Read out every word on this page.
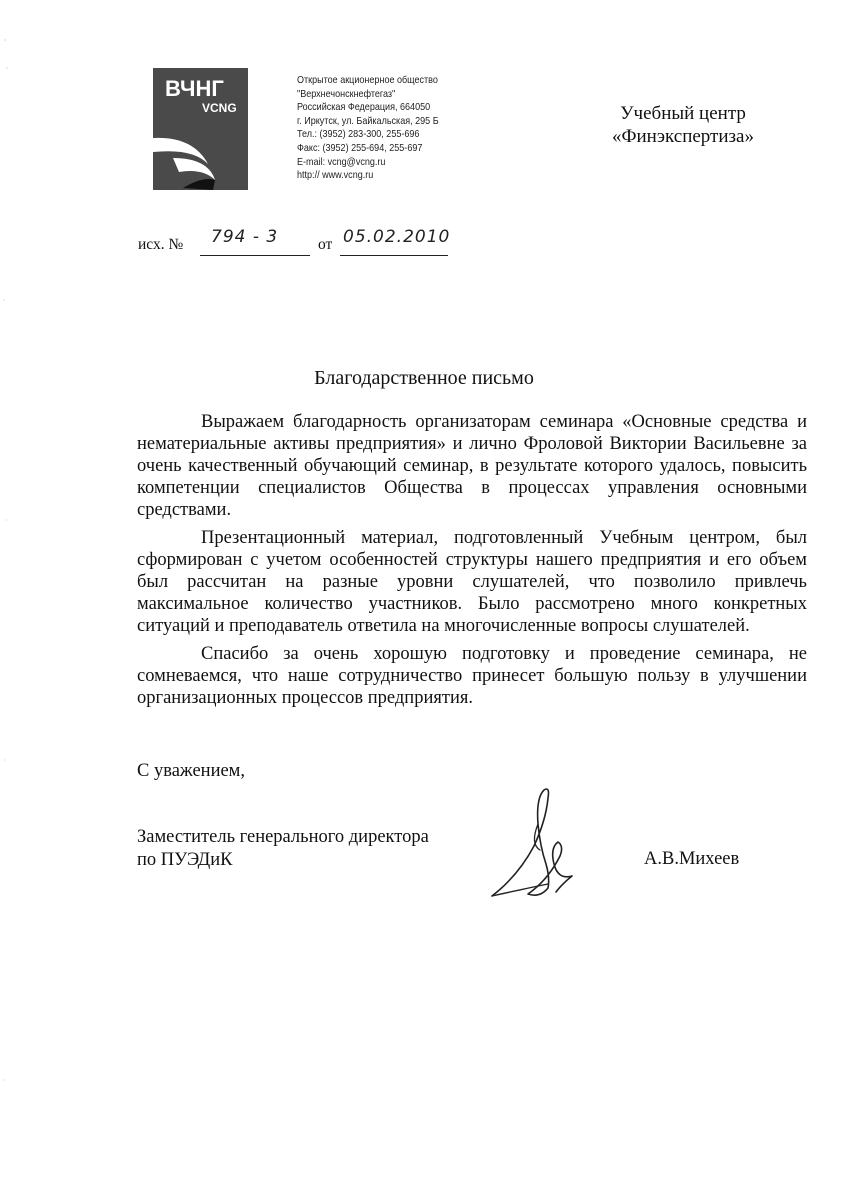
ВЧНГ
VCNG
Открытое акционерное общество
"Верхнечонскнефтегаз"
Российская Федерация, 664050
г. Иркутск, ул. Байкальская, 295 Б
Тел.: (3952) 283-300, 255-696
Факс: (3952) 255-694, 255-697
E-mail: vcng@vcng.ru
http:// www.vcng.ru
Учебный центр
«Финэкспертиза»
исх. № 794 - 3	от 05.02.2010
Благодарственное письмо
Выражаем благодарность организаторам семинара «Основные средства и нематериальные активы предприятия» и лично Фроловой Виктории Васильевне за очень качественный обучающий семинар, в результате которого удалось, повысить компетенции специалистов Общества в процессах управления основными средствами.
Презентационный материал, подготовленный Учебным центром, был сформирован с учетом особенностей структуры нашего предприятия и его объем был рассчитан на разные уровни слушателей, что позволило привлечь максимальное количество участников. Было рассмотрено много конкретных ситуаций и преподаватель ответила на многочисленные вопросы слушателей.
Спасибо за очень хорошую подготовку и проведение семинара, не сомневаемся, что наше сотрудничество принесет большую пользу в улучшении организационных процессов предприятия.
С уважением,
Заместитель генерального директора
по ПУЭДиК	А.В.Михеев
